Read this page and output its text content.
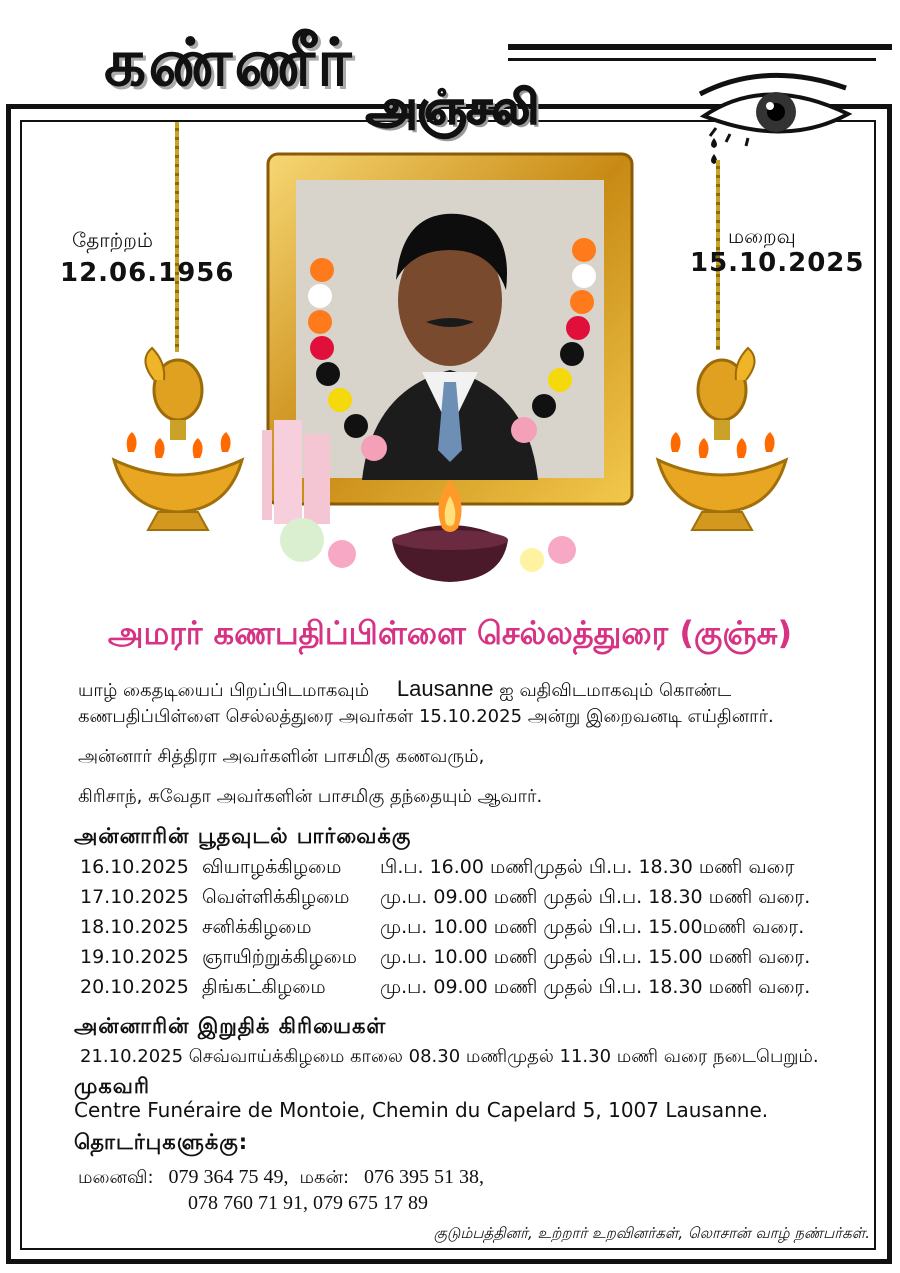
கண்ணீர்
அஞ்சலி
தோற்றம்
12.06.1956
மறைவு
15.10.2025
அமரர் கணபதிப்பிள்ளை செல்லத்துரை (குஞ்சு)
யாழ் கைதடியைப் பிறப்பிடமாகவும் Lausanne ஐ வதிவிடமாகவும் கொண்ட
கணபதிப்பிள்ளை செல்லத்துரை அவர்கள் 15.10.2025 அன்று இறைவனடி எய்தினார்.
அன்னார் சித்திரா அவர்களின் பாசமிகு கணவரும்,
கிரிசாந், சுவேதா அவர்களின் பாசமிகு தந்தையும் ஆவார்.
அன்னாரின் பூதவுடல் பார்வைக்கு
16.10.2025 வியாழக்கிழமை பி.ப. 16.00 மணிமுதல் பி.ப. 18.30 மணி வரை
17.10.2025 வெள்ளிக்கிழமை மு.ப. 09.00 மணி முதல் பி.ப. 18.30 மணி வரை.
18.10.2025 சனிக்கிழமை	மு.ப. 10.00 மணி முதல் பி.ப. 15.00மணி வரை.
19.10.2025 ஞாயிற்றுக்கிழமை மு.ப. 10.00 மணி முதல் பி.ப. 15.00 மணி வரை.
20.10.2025 திங்கட்கிழமை	மு.ப. 09.00 மணி முதல் பி.ப. 18.30 மணி வரை.
அன்னாரின் இறுதிக் கிரியைகள்
21.10.2025 செவ்வாய்க்கிழமை காலை 08.30 மணிமுதல் 11.30 மணி வரை நடைபெறும்.
முகவரி
Centre Funéraire de Montoie, Chemin du Capelard 5, 1007 Lausanne.
தொடர்புகளுக்கு:
மனைவி: 079 364 75 49, மகன்: 076 395 51 38,
078 760 71 91, 079 675 17 89
குடும்பத்தினர், உற்றார் உறவினர்கள், லொசான் வாழ் நண்பர்கள்.
